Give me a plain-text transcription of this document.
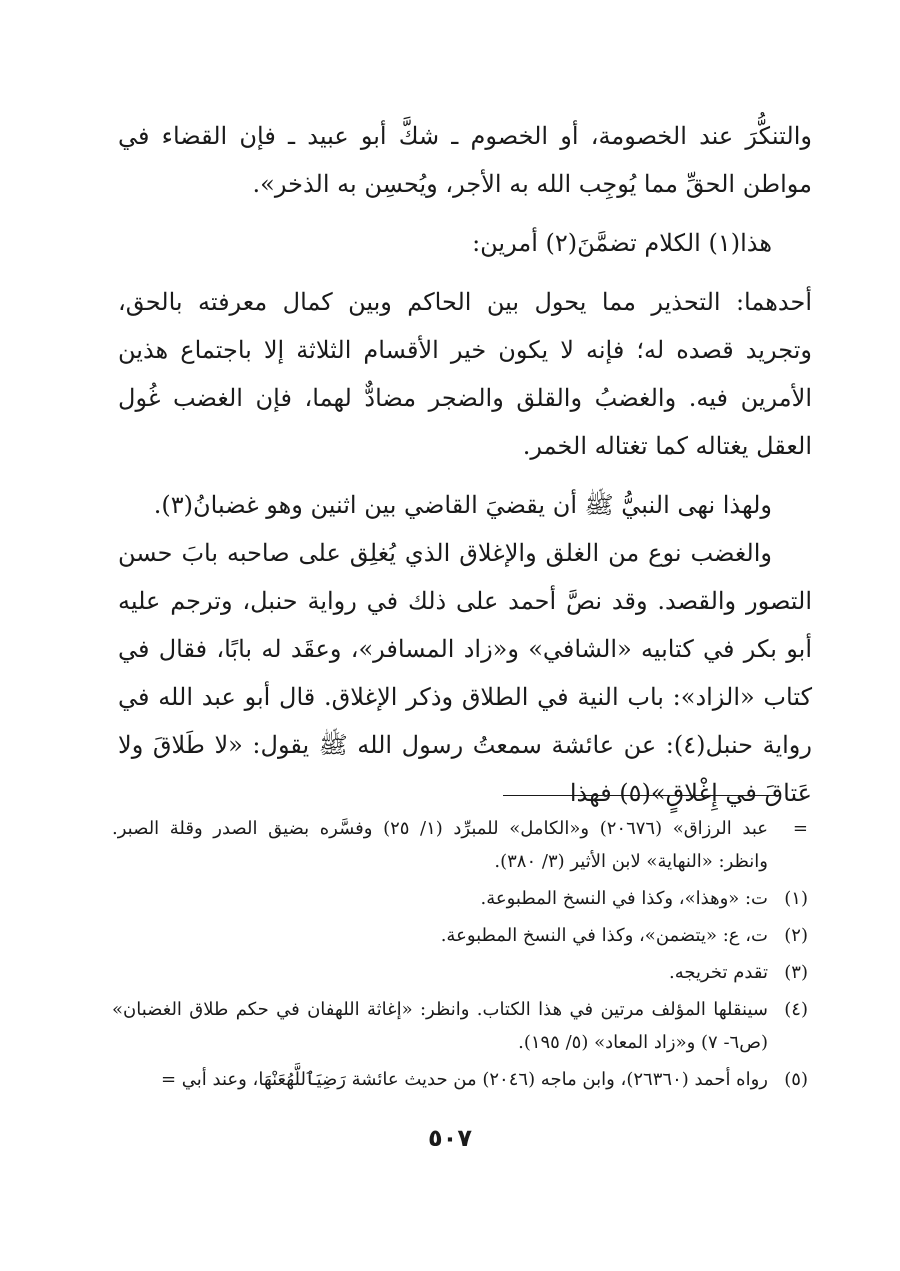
والتنكُّرَ عند الخصومة، أو الخصوم ـ شكَّ أبو عبيد ـ فإن القضاء في مواطن الحقِّ مما يُوجِب الله به الأجر، ويُحسِن به الذخر».

هذا(١) الكلام تضمَّنَ(٢) أمرين:

أحدهما: التحذير مما يحول بين الحاكم وبين كمال معرفته بالحق، وتجريد قصده له؛ فإنه لا يكون خير الأقسام الثلاثة إلا باجتماع هذين الأمرين فيه. والغضبُ والقلق والضجر مضادٌّ لهما، فإن الغضب غُول العقل يغتاله كما تغتاله الخمر.

ولهذا نهى النبيُّ ﷺ أن يقضيَ القاضي بين اثنين وهو غضبانُ(٣).

والغضب نوع من الغلق والإغلاق الذي يُغلِق على صاحبه بابَ حسن التصور والقصد. وقد نصَّ أحمد على ذلك في رواية حنبل، وترجم عليه أبو بكر في كتابيه «الشافي» و«زاد المسافر»، وعقَد له بابًا، فقال في كتاب «الزاد»: باب النية في الطلاق وذكر الإغلاق. قال أبو عبد الله في رواية حنبل(٤): عن عائشة سمعتُ رسول الله ﷺ يقول: «لا طَلاقَ ولا عَتاقَ في إِغْلاقٍ»(٥) فهذا

=
عبد الرزاق» (٢٠٦٧٦) و«الكامل» للمبرِّد (١/ ٢٥) وفسَّره بضيق الصدر وقلة الصبر. وانظر: «النهاية» لابن الأثير (٣/ ٣٨٠).
(١)
ت: «وهذا»، وكذا في النسخ المطبوعة.
(٢)
ت، ع: «يتضمن»، وكذا في النسخ المطبوعة.
(٣)
تقدم تخريجه.
(٤)
سينقلها المؤلف مرتين في هذا الكتاب. وانظر: «إغاثة اللهفان في حكم طلاق الغضبان» (ص٦- ٧) و«زاد المعاد» (٥/ ١٩٥).
(٥)
رواه أحمد (٢٦٣٦٠)، وابن ماجه (٢٠٤٦) من حديث عائشة رَضِيَٱللَّهُعَنْهَا، وعند أبي =
٥٠٧
